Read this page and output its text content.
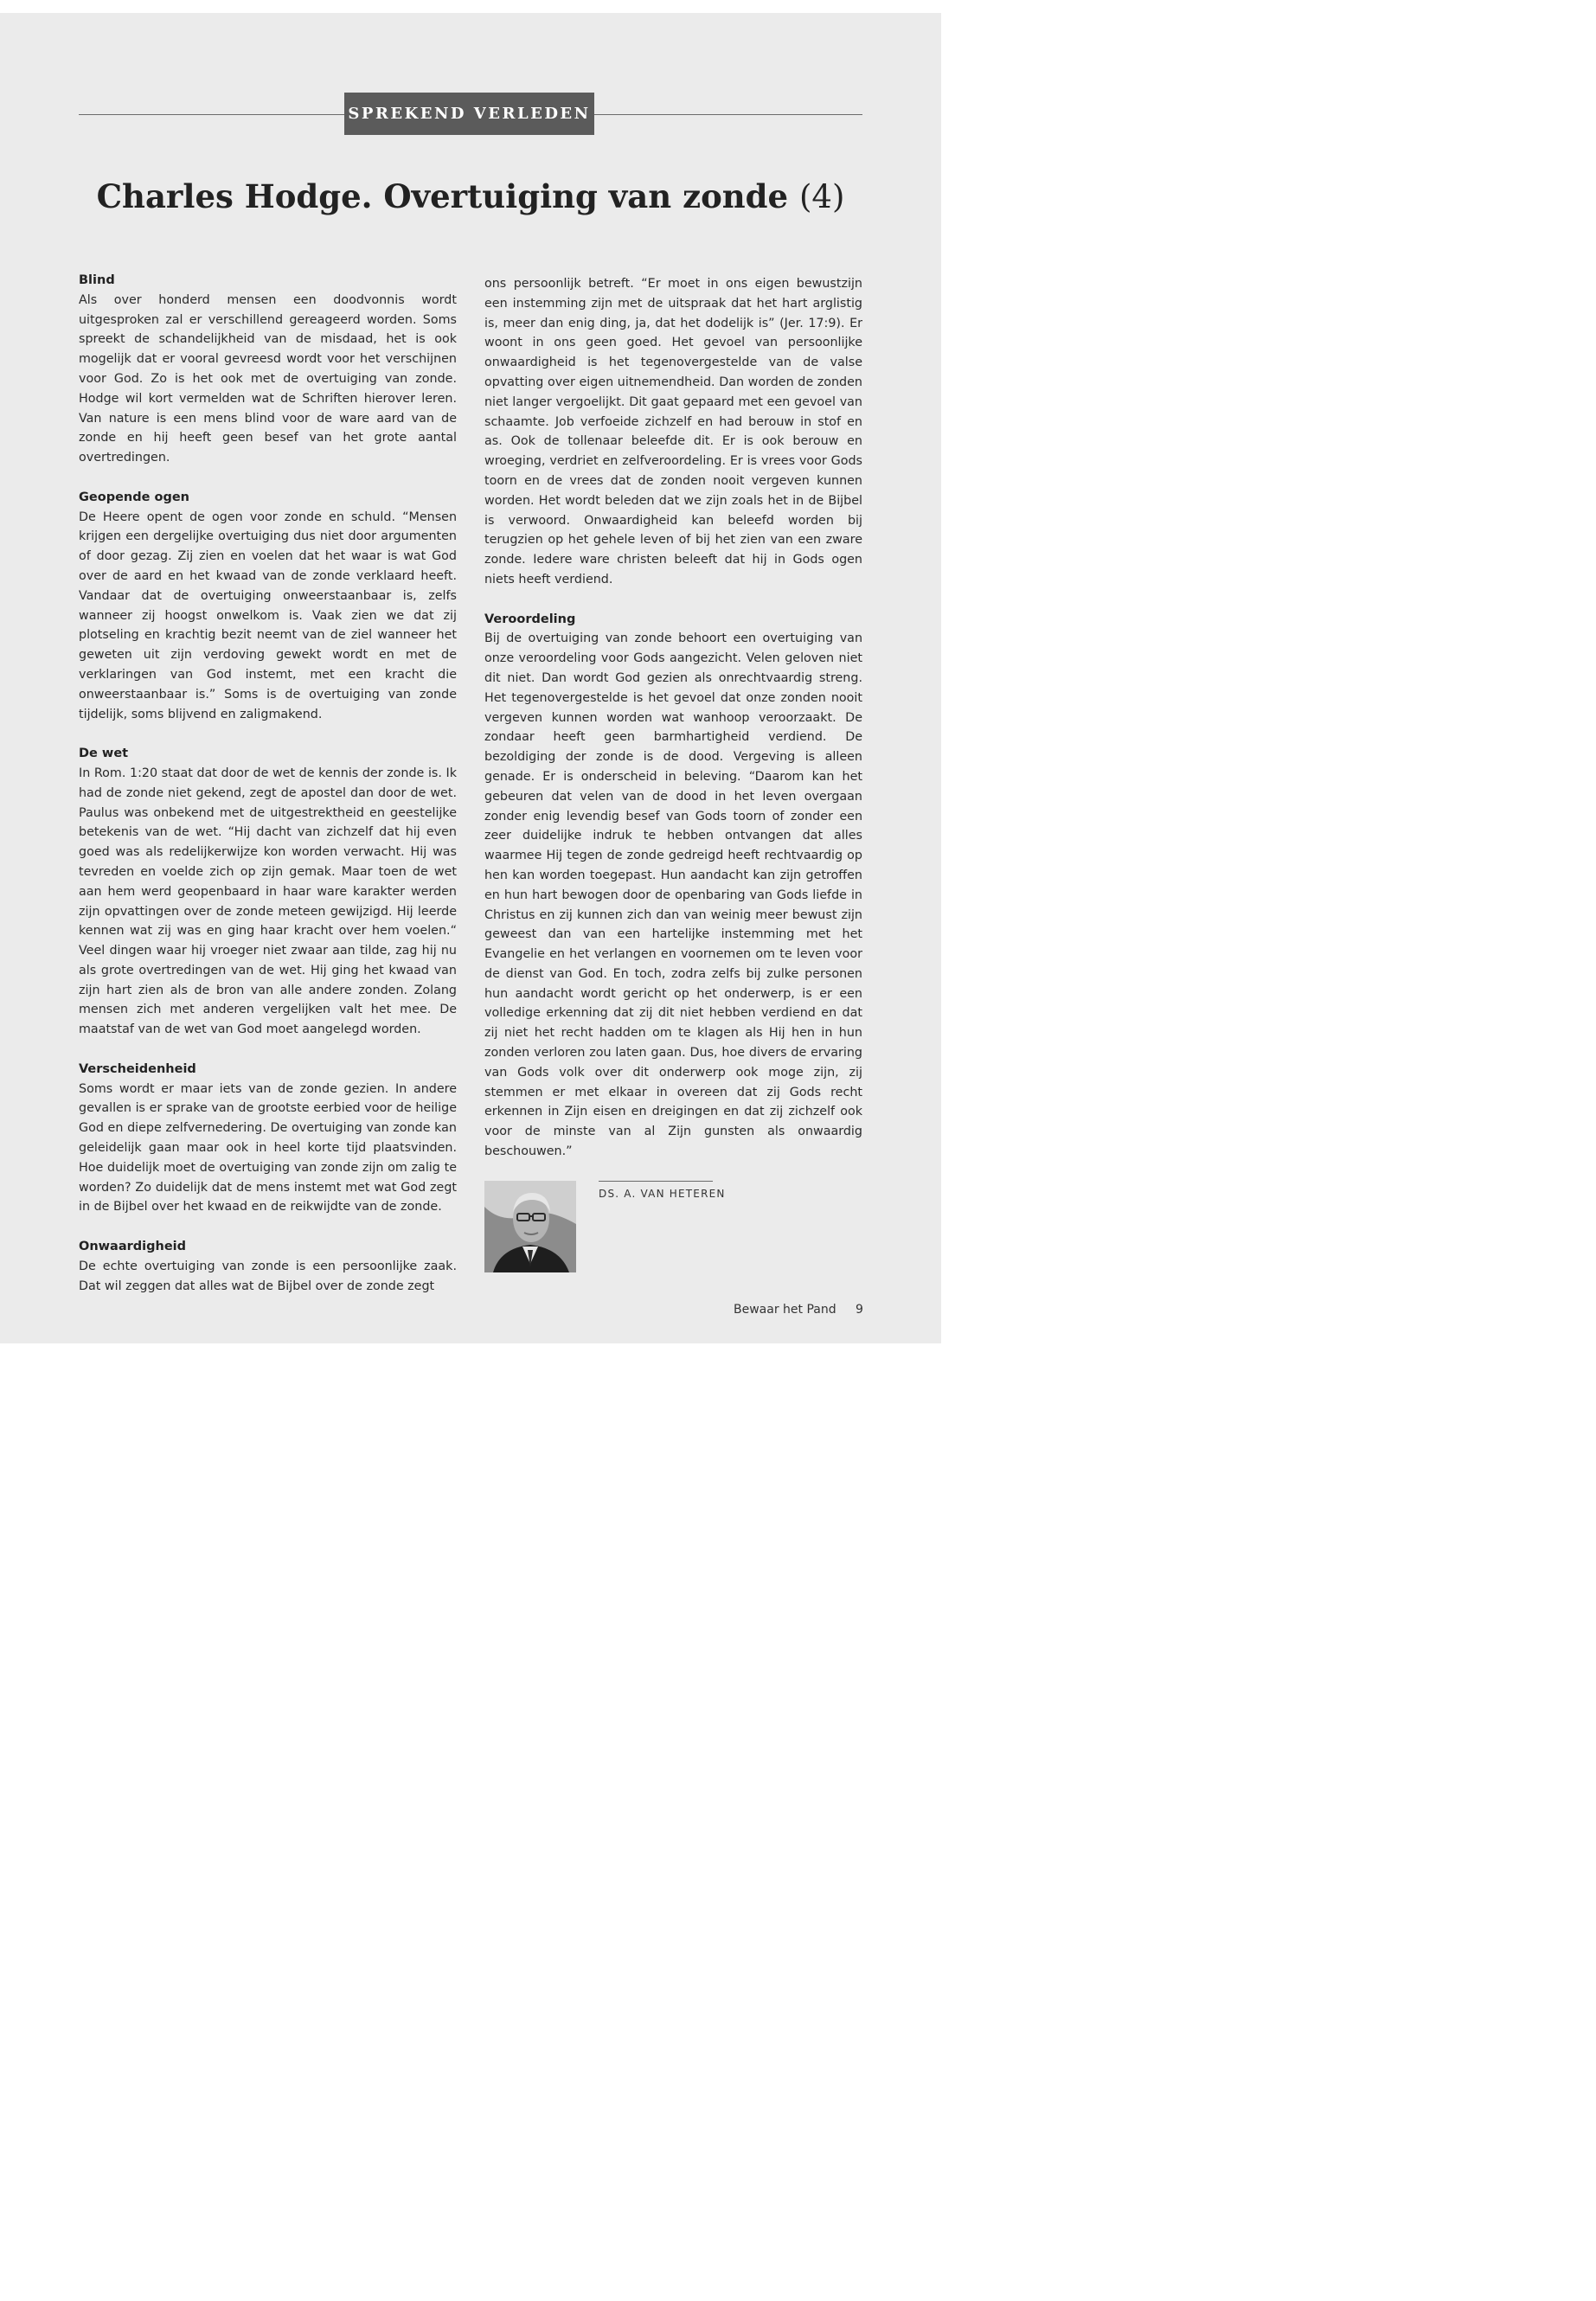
SPREKEND VERLEDEN
Charles Hodge. Overtuiging van zonde (4)
Blind

Als over honderd mensen een doodvonnis wordt uitgesproken zal er verschillend gereageerd worden. Soms spreekt de schandelijkheid van de misdaad, het is ook mogelijk dat er vooral gevreesd wordt voor het verschijnen voor God. Zo is het ook met de overtuiging van zonde. Hodge wil kort vermelden wat de Schriften hierover leren. Van nature is een mens blind voor de ware aard van de zonde en hij heeft geen besef van het grote aantal overtredingen.

Geopende ogen

De Heere opent de ogen voor zonde en schuld. “Mensen krijgen een dergelijke overtuiging dus niet door argumenten of door gezag. Zij zien en voelen dat het waar is wat God over de aard en het kwaad van de zonde verklaard heeft. Vandaar dat de overtuiging onweerstaanbaar is, zelfs wanneer zij hoogst onwelkom is. Vaak zien we dat zij plotseling en krachtig bezit neemt van de ziel wanneer het geweten uit zijn verdoving gewekt wordt en met de verklaringen van God instemt, met een kracht die onweerstaanbaar is.” Soms is de overtuiging van zonde tijdelijk, soms blijvend en zaligmakend.

De wet

In Rom. 1:20 staat dat door de wet de kennis der zonde is. Ik had de zonde niet gekend, zegt de apostel dan door de wet. Paulus was onbekend met de uitgestrektheid en geestelijke betekenis van de wet. “Hij dacht van zichzelf dat hij even goed was als redelijkerwijze kon worden verwacht. Hij was tevreden en voelde zich op zijn gemak. Maar toen de wet aan hem werd geopenbaard in haar ware karakter werden zijn opvattingen over de zonde meteen gewijzigd. Hij leerde kennen wat zij was en ging haar kracht over hem voelen.“ Veel dingen waar hij vroeger niet zwaar aan tilde, zag hij nu als grote overtredingen van de wet. Hij ging het kwaad van zijn hart zien als de bron van alle andere zonden. Zolang mensen zich met anderen vergelijken valt het mee. De maatstaf van de wet van God moet aangelegd worden.

Verscheidenheid

Soms wordt er maar iets van de zonde gezien. In andere gevallen is er sprake van de grootste eerbied voor de heilige God en diepe zelfvernedering. De overtuiging van zonde kan geleidelijk gaan maar ook in heel korte tijd plaatsvinden. Hoe duidelijk moet de overtuiging van zonde zijn om zalig te worden? Zo duidelijk dat de mens instemt met wat God zegt in de Bijbel over het kwaad en de reikwijdte van de zonde.

Onwaardigheid

De echte overtuiging van zonde is een persoonlijke zaak. Dat wil zeggen dat alles wat de Bijbel over de zonde zegt

ons persoonlijk betreft. “Er moet in ons eigen bewustzijn een instemming zijn met de uitspraak dat het hart arglistig is, meer dan enig ding, ja, dat het dodelijk is” (Jer. 17:9). Er woont in ons geen goed. Het gevoel van persoonlijke onwaardigheid is het tegenovergestelde van de valse opvatting over eigen uitnemendheid. Dan worden de zonden niet langer vergoelijkt. Dit gaat gepaard met een gevoel van schaamte. Job verfoeide zichzelf en had berouw in stof en as. Ook de tollenaar beleefde dit. Er is ook berouw en wroeging, verdriet en zelfveroordeling. Er is vrees voor Gods toorn en de vrees dat de zonden nooit vergeven kunnen worden. Het wordt beleden dat we zijn zoals het in de Bijbel is verwoord. Onwaardigheid kan beleefd worden bij terugzien op het gehele leven of bij het zien van een zware zonde. Iedere ware christen beleeft dat hij in Gods ogen niets heeft verdiend.

Veroordeling

Bij de overtuiging van zonde behoort een overtuiging van onze veroordeling voor Gods aangezicht. Velen geloven niet dit niet. Dan wordt God gezien als onrechtvaardig streng. Het tegenovergestelde is het gevoel dat onze zonden nooit vergeven kunnen worden wat wanhoop veroorzaakt. De zondaar heeft geen barmhartigheid verdiend. De bezoldiging der zonde is de dood. Vergeving is alleen genade. Er is onderscheid in beleving. “Daarom kan het gebeuren dat velen van de dood in het leven overgaan zonder enig levendig besef van Gods toorn of zonder een zeer duidelijke indruk te hebben ontvangen dat alles waarmee Hij tegen de zonde gedreigd heeft rechtvaardig op hen kan worden toegepast. Hun aandacht kan zijn getroffen en hun hart bewogen door de openbaring van Gods liefde in Christus en zij kunnen zich dan van weinig meer bewust zijn geweest dan van een hartelijke instemming met het Evangelie en het verlangen en voornemen om te leven voor de dienst van God. En toch, zodra zelfs bij zulke personen hun aandacht wordt gericht op het onderwerp, is er een volledige erkenning dat zij dit niet hebben verdiend en dat zij niet het recht hadden om te klagen als Hij hen in hun zonden verloren zou laten gaan. Dus, hoe divers de ervaring van Gods volk over dit onderwerp ook moge zijn, zij stemmen er met elkaar in overeen dat zij Gods recht erkennen in Zijn eisen en dreigingen en dat zij zichzelf ook voor de minste van al Zijn gunsten als onwaardig beschouwen.”

DS. A. VAN HETEREN
Bewaar het Pand 9
